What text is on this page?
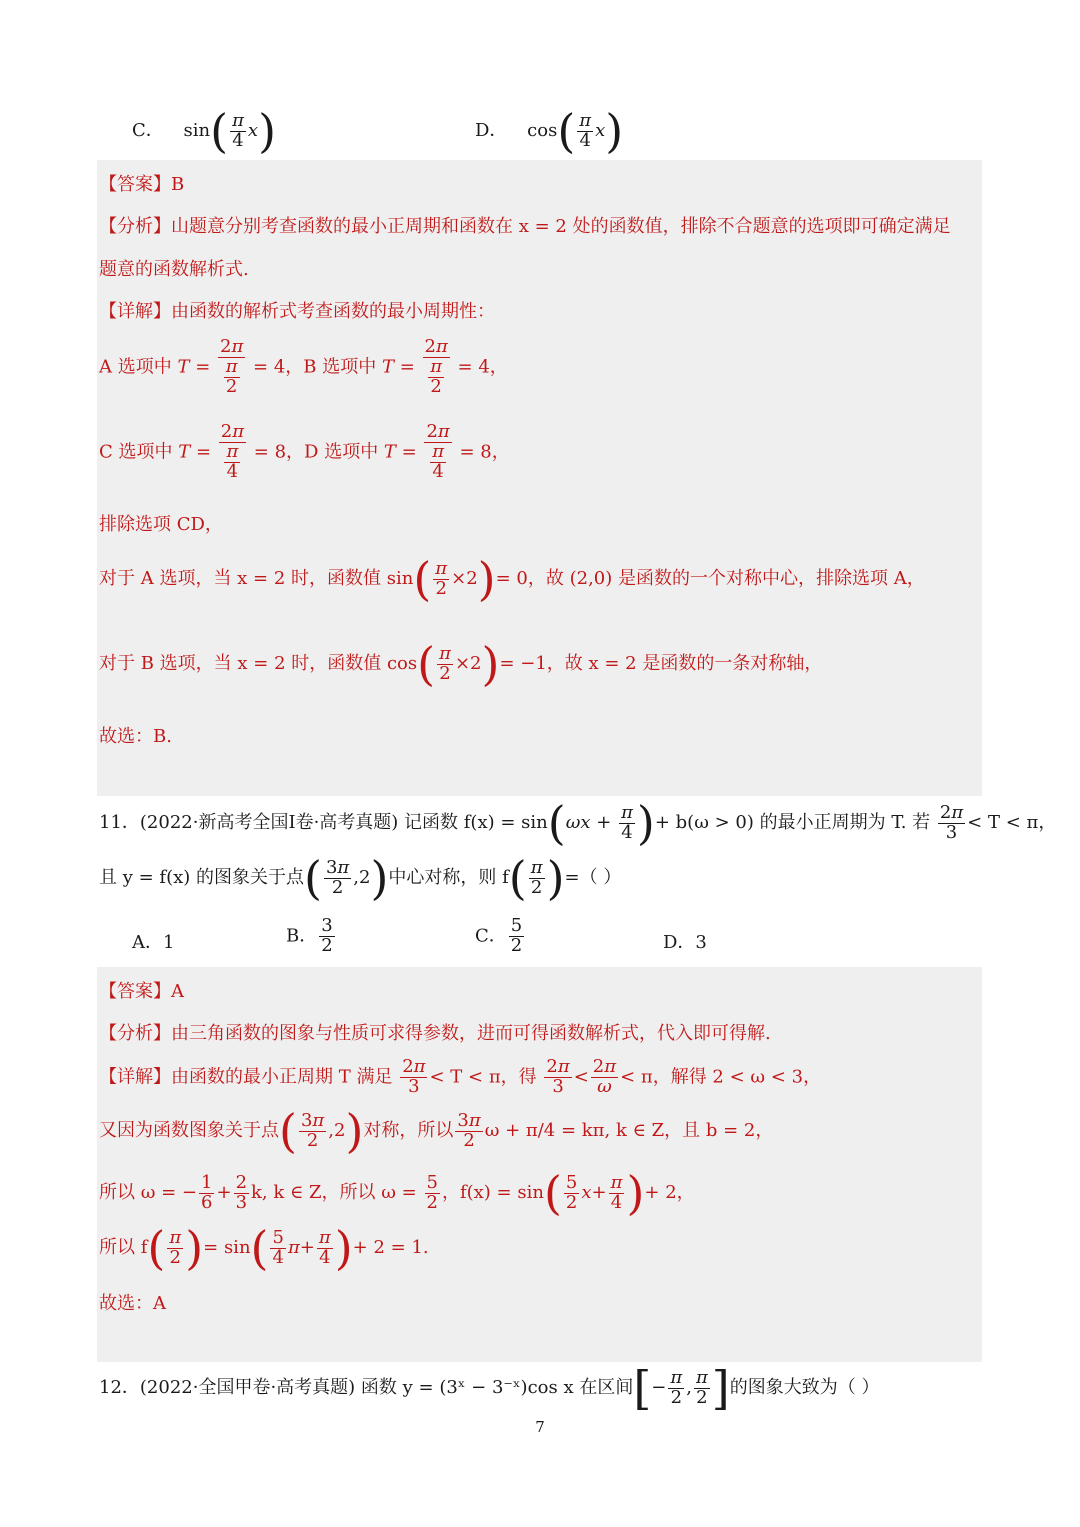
C． $\sin( \frac{\pi}{4} x)$	D． $\cos( \frac{\pi}{4} x)$
【答案】B
【分析】山题意分别考查函数的最小正周期和函数在 x = 2 处的函数值，排除不合题意的选项即可确定满足
题意的函数解析式.
【详解】由函数的解析式考查函数的最小周期性：
A 选项中 $T = \frac{2\pi}{\frac{\pi}{2}} = 4$，B 选项中 $T = \frac{2\pi}{\frac{\pi}{2}} = 4$，
C 选项中 $T = \frac{2\pi}{\frac{\pi}{4}} = 8$，D 选项中 $T = \frac{2\pi}{\frac{\pi}{4}} = 8$，
排除选项 CD，
对于 A 选项，当 x = 2 时，函数值 $\sin( \frac{\pi}{2} \times 2)= 0$，故 (2,0) 是函数的一个对称中心，排除选项 A，
对于 B 选项，当 x = 2 时，函数值 $\cos( \frac{\pi}{2} \times 2)= -1$，故 x = 2 是函数的一条对称轴，
故选：B.
11．(2022·新高考全国I卷·高考真题) 记函数 $f(x) = \sin(\omega x + \frac{\pi}{4}$ )+ b(ω > 0) 的最小正周期为 T. 若 $\frac{2\pi}{3} < T < \pi$，
且 y = f(x) 的图象关于点( $\frac{3\pi}{2} ,2$)中心对称，则 $f( \frac{\pi}{2}$ )=（ ）
A．1	B． $\frac{3}{2}$	C． $\frac{5}{2}$	D．3
【答案】A
【分析】由三角函数的图象与性质可求得参数，进而可得函数解析式，代入即可得解.
【详解】由函数的最小正周期 T 满足 $\frac{2\pi}{3} < T < \pi$，得 $\frac{2\pi}{3} < \frac{2\pi}{\omega} < \pi$，解得 2 < ω < 3，
又因为函数图象关于点( $\frac{3\pi}{2} ,2$)对称，所以 $\frac{3\pi}{2}$ ω + π/4 = kπ, k ∈ Z，且 b = 2，
所以 ω = − $\frac{1}{6} + \frac{2}{3} k$, k ∈ Z，所以 $\omega = \frac{5}{2}$ ，$f(x) = \sin( \frac{5}{2} x+ \frac{\pi}{4}$ )+ 2，
所以 $f( \frac{\pi}{2}$ )= $\sin( \frac{5}{4} \pi+ \frac{\pi}{4}$ )+ 2 = 1.
故选：A
12．(2022·全国甲卷·高考真题) 函数 y = (3ˣ − 3⁻ˣ)cos x 在区间[− $\frac{\pi}{2}$ , $\frac{\pi}{2}$ ]的图象大致为（ ）
7
